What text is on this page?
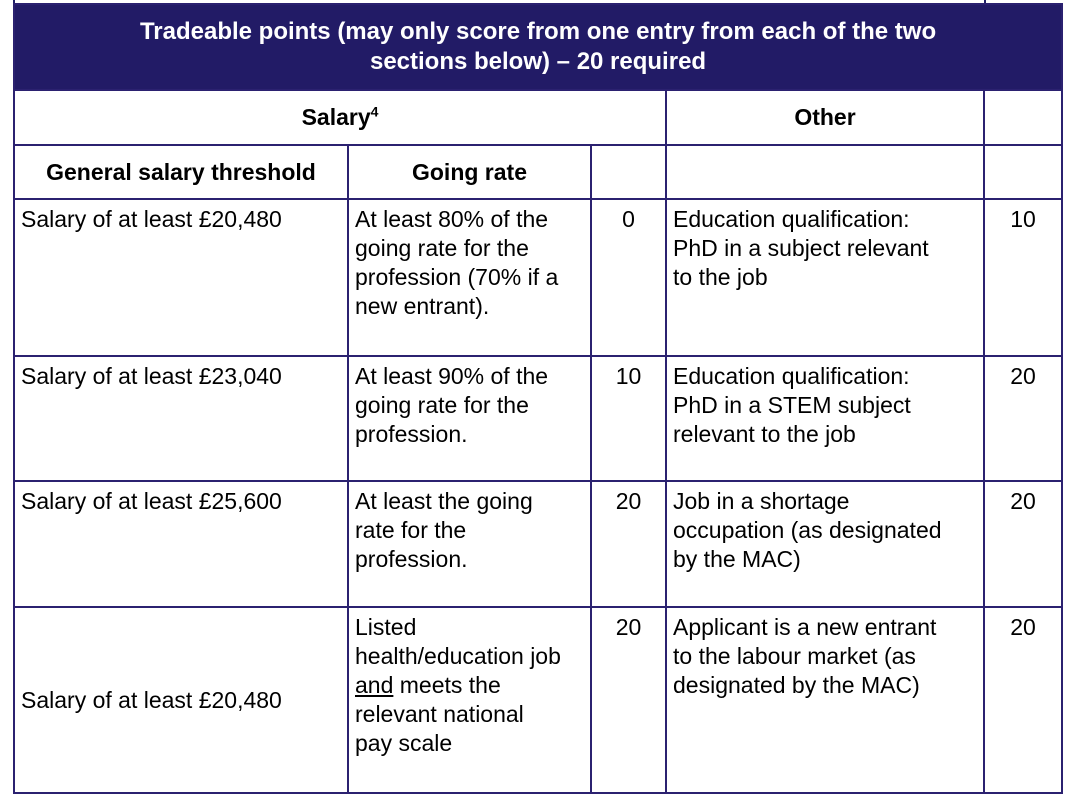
Tradeable points (may only score from one entry from each of the two
sections below) – 20 required				

Salary$^4$			Other	
General salary threshold	Going rate			
Salary of at least £20,480	At least 80% of the
going rate for the
profession (70% if a
new entrant).	0	Education qualification:
PhD in a subject relevant
to the job	10
Salary of at least £23,040	At least 90% of the
going rate for the
profession.	10	Education qualification:
PhD in a STEM subject
relevant to the job	20
Salary of at least £25,600	At least the going
rate for the
profession.	20	Job in a shortage
occupation (as designated
by the MAC)	20
Salary of at least £20,480	Listed
health/education job
and meets the
relevant national
pay scale	20	Applicant is a new entrant
to the labour market (as
designated by the MAC)	20
